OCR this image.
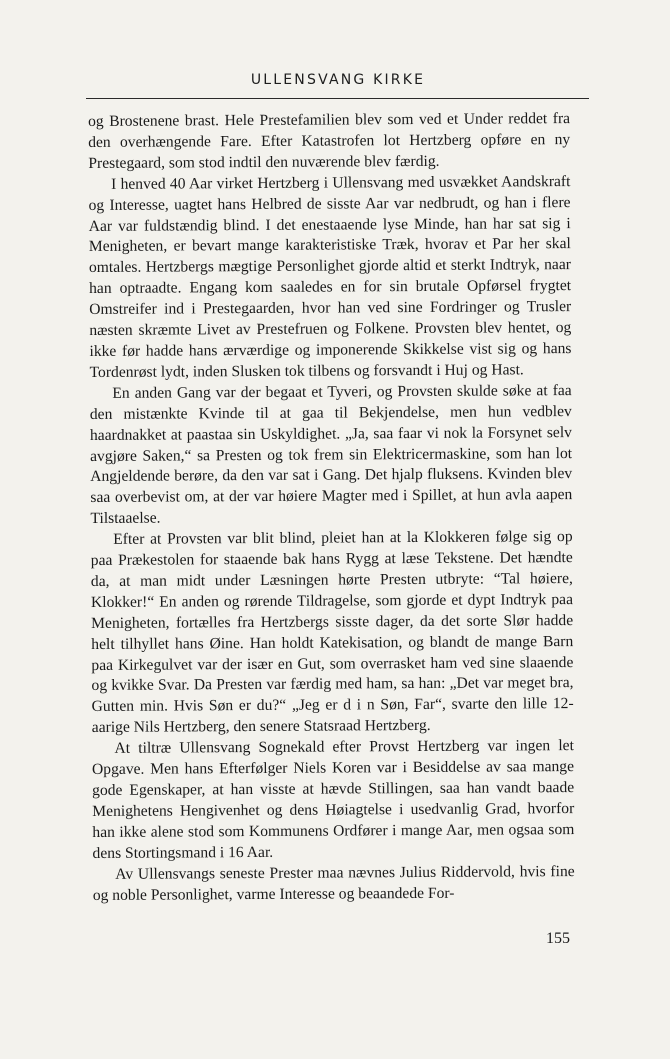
ULLENSVANG KIRKE

og Brostenene brast. Hele Prestefamilien blev som ved et Under reddet fra den overhængende Fare. Efter Katastrofen lot Hertzberg opføre en ny Prestegaard, som stod indtil den nuværende blev færdig.

I henved 40 Aar virket Hertzberg i Ullensvang med usvækket Aandskraft og Interesse, uagtet hans Helbred de sisste Aar var nedbrudt, og han i flere Aar var fuldstændig blind. I det enestaaende lyse Minde, han har sat sig i Menigheten, er bevart mange karakteristiske Træk, hvorav et Par her skal omtales. Hertzbergs mægtige Personlighet gjorde altid et sterkt Indtryk, naar han optraadte. Engang kom saaledes en for sin brutale Opførsel frygtet Omstreifer ind i Prestegaarden, hvor han ved sine Fordringer og Trusler næsten skræmte Livet av Prestefruen og Folkene. Provsten blev hentet, og ikke før hadde hans ærværdige og imponerende Skikkelse vist sig og hans Tordenrøst lydt, inden Slusken tok tilbens og forsvandt i Huj og Hast.

En anden Gang var der begaat et Tyveri, og Provsten skulde søke at faa den mistænkte Kvinde til at gaa til Bekjendelse, men hun vedblev haardnakket at paastaa sin Uskyldighet. „Ja, saa faar vi nok la Forsynet selv avgjøre Saken,“ sa Presten og tok frem sin Elektricermaskine, som han lot Angjeldende berøre, da den var sat i Gang. Det hjalp fluksens. Kvinden blev saa overbevist om, at der var høiere Magter med i Spillet, at hun avla aapen Tilstaaelse.

Efter at Provsten var blit blind, pleiet han at la Klokkeren følge sig op paa Prækestolen for staaende bak hans Rygg at læse Tekstene. Det hændte da, at man midt under Læsningen hørte Presten utbryte: “Tal høiere, Klokker!“ En anden og rørende Tildragelse, som gjorde et dypt Indtryk paa Menigheten, fortælles fra Hertzbergs sisste dager, da det sorte Slør hadde helt tilhyllet hans Øine. Han holdt Katekisation, og blandt de mange Barn paa Kirkegulvet var der især en Gut, som overrasket ham ved sine slaaende og kvikke Svar. Da Presten var færdig med ham, sa han: „Det var meget bra, Gutten min. Hvis Søn er du?“ „Jeg er d i n Søn, Far“, svarte den lille 12-aarige Nils Hertzberg, den senere Statsraad Hertzberg.

At tiltræ Ullensvang Sognekald efter Provst Hertzberg var ingen let Opgave. Men hans Efterfølger Niels Koren var i Besiddelse av saa mange gode Egenskaper, at han visste at hævde Stillingen, saa han vandt baade Menighetens Hengivenhet og dens Høiagtelse i usedvanlig Grad, hvorfor han ikke alene stod som Kommunens Ordfører i mange Aar, men ogsaa som dens Stortingsmand i 16 Aar.

Av Ullensvangs seneste Prester maa nævnes Julius Riddervold, hvis fine og noble Personlighet, varme Interesse og beaandede For-

155
